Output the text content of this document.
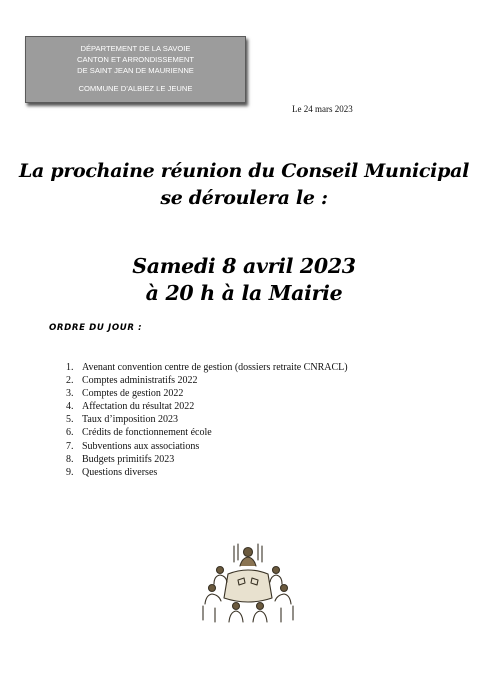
DÉPARTEMENT DE LA SAVOIE
CANTON ET ARRONDISSEMENT
DE SAINT JEAN DE MAURIENNE
COMMUNE D’ALBIEZ LE JEUNE
Le 24 mars 2023
La prochaine réunion du Conseil Municipal
se déroulera le :
Samedi 8 avril 2023
à 20 h à la Mairie
ORDRE DU JOUR :
1. Avenant convention centre de gestion (dossiers retraite CNRACL)
2. Comptes administratifs 2022
3. Comptes de gestion 2022
4. Affectation du résultat 2022
5. Taux d’imposition 2023
6. Crédits de fonctionnement école
7. Subventions aux associations
8. Budgets primitifs 2023
9. Questions diverses
